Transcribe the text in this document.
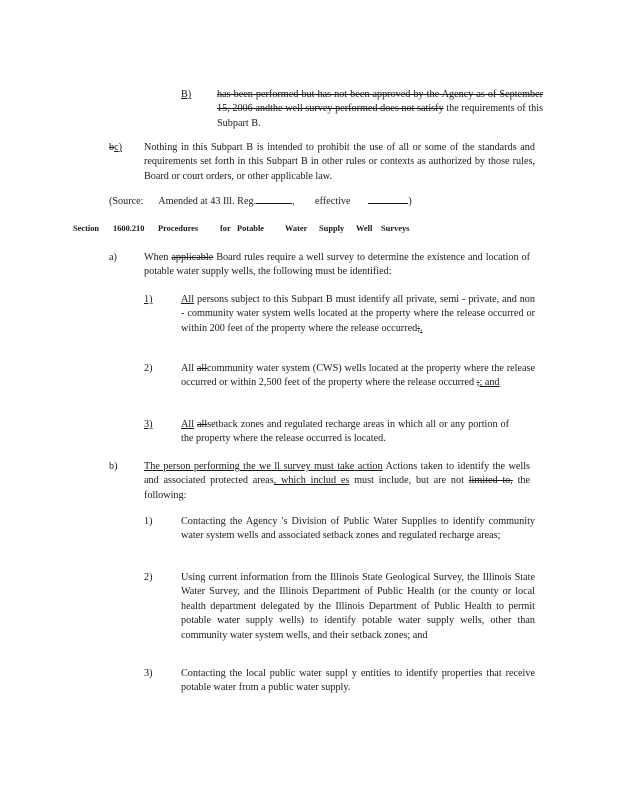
B)	has been performed but has not been approved by the Agency as of September 15, 2006 andthe well survey performed does not satisfy the requirements of this Subpart B.
bc) Nothing in this Subpart B is intended to prohibit the use of all or some of the standards and requirements set forth in this Subpart B in other rules or contexts as authorized by those rules, Board or court orders, or other applicable law.
(Source: Amended at 43 Ill. Reg.	, effective	)
Section 1600.210 Procedures	for Potable	Water Supply Well Surveys
a)	When applicable Board rules require a well survey to determine the existence and location of potable water supply wells, the following must be identified:
1)	All persons subject to this Subpart B must identify all private, semi - private, and non - community water system wells located at the property where the release occurred or within 200 feet of the property where the release occurred;.
2)	All allcommunity water system (CWS) wells located at the property where the release occurred or within 2,500 feet of the property where the release occurred ;; and
3)	All allsetback zones and regulated recharge areas in which all or any portion of the property where the release occurred is located.
b)	The person performing the we ll survey must take action Actions taken to identify the wells and associated protected areas, which includ es must include, but are not limited to, the following:
1)	Contacting the Agency 's Division of Public Water Supplies to identify community water system wells and associated setback zones and regulated recharge areas;
2)	Using current information from the Illinois State Geological Survey, the Illinois State Water Survey, and the Illinois Department of Public Health (or the county or local health department delegated by the Illinois Department of Public Health to permit potable water supply wells) to identify potable water supply wells, other than community water system wells, and their setback zones; and
3)	Contacting the local public water suppl y entities to identify properties that receive potable water from a public water supply.
